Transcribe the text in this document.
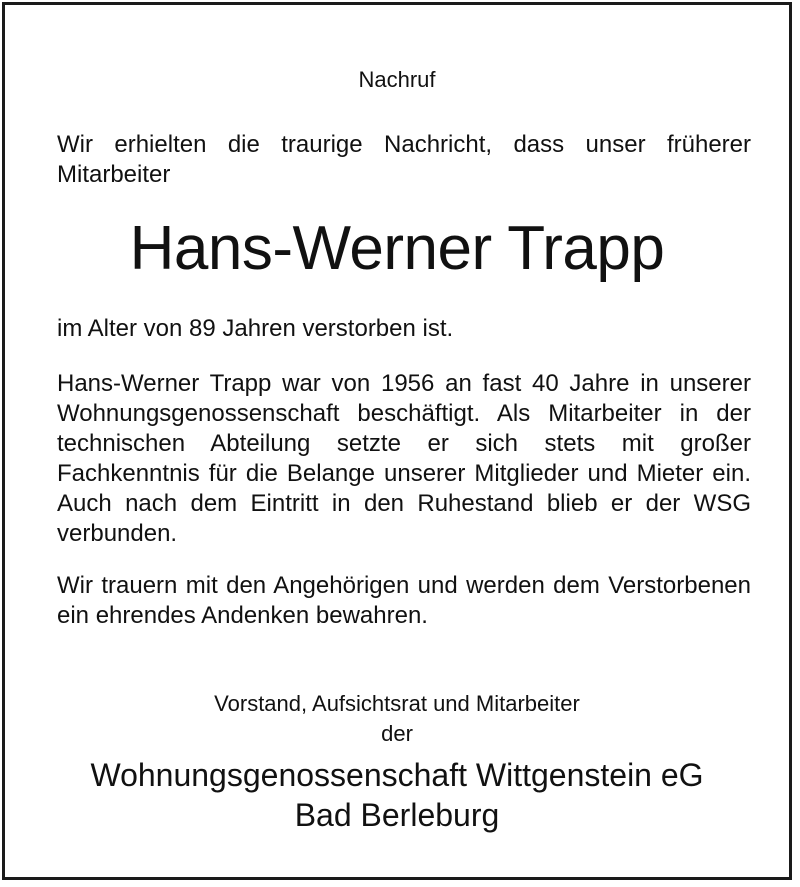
Nachruf

Wir erhielten die traurige Nachricht, dass unser früherer Mitarbeiter

Hans-Werner Trapp

im Alter von 89 Jahren verstorben ist.

Hans-Werner Trapp war von 1956 an fast 40 Jahre in unserer Wohnungsgenossenschaft beschäftigt. Als Mitarbeiter in der technischen Abteilung setzte er sich stets mit großer Fachkenntnis für die Belange unserer Mitglieder und Mieter ein. Auch nach dem Eintritt in den Ruhestand blieb er der WSG verbunden.

Wir trauern mit den Angehörigen und werden dem Verstorbenen ein ehrendes Andenken bewahren.

Vorstand, Aufsichtsrat und Mitarbeiter
der
Wohnungsgenossenschaft Wittgenstein eG
Bad Berleburg
